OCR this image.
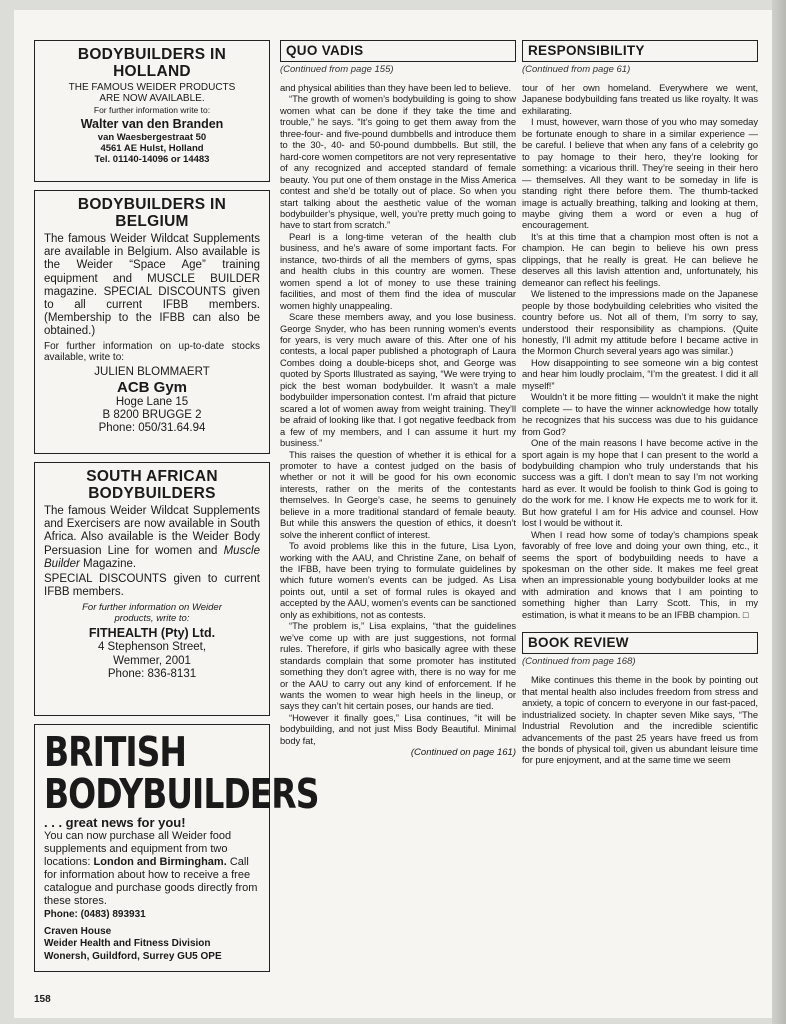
BODYBUILDERS IN HOLLAND
THE FAMOUS WEIDER PRODUCTS
ARE NOW AVAILABLE.
For further information write to:
Walter van den Branden
van Waesbergestraat 50
4561 AE Hulst, Holland
Tel. 01140-14096 or 14483
BODYBUILDERS IN BELGIUM
The famous Weider Wildcat Supplements are available in Belgium. Also available is the Weider “Space Age” training equipment and MUSCLE BUILDER magazine. SPECIAL DISCOUNTS given to all current IFBB members. (Membership to the IFBB can also be obtained.)
For further information on up-to-date stocks available, write to:
JULIEN BLOMMAERT
ACB Gym
Hoge Lane 15
B 8200 BRUGGE 2
Phone: 050/31.64.94
SOUTH AFRICAN BODYBUILDERS
The famous Weider Wildcat Supplements and Exercisers are now available in South Africa. Also available is the Weider Body Persuasion Line for women and Muscle Builder Magazine.
SPECIAL DISCOUNTS given to current IFBB members.
For further information on Weider products, write to:
FITHEALTH (Pty) Ltd.
4 Stephenson Street,
Wemmer, 2001
Phone: 836-8131
BRITISH
BODYBUILDERS
. . . great news for you!
You can now purchase all Weider food supplements and equipment from two locations: London and Birmingham. Call for information about how to receive a free catalogue and purchase goods directly from these stores.
Phone: (0483) 893931
Craven House
Weider Health and Fitness Division
Wonersh, Guildford, Surrey GU5 OPE
QUO VADIS
(Continued from page 155)

and physical abilities than they have been led to believe.

“The growth of women’s bodybuilding is going to show women what can be done if they take the time and trouble,” he says. “It’s going to get them away from the three-four- and five-pound dumbbells and introduce them to the 30-, 40- and 50-pound dumbbells. But still, the hard-core women competitors are not very representative of any recognized and accepted standard of female beauty. You put one of them onstage in the Miss America contest and she’d be totally out of place. So when you start talking about the aesthetic value of the woman bodybuilder’s physique, well, you’re pretty much going to have to start from scratch.”

Pearl is a long-time veteran of the health club business, and he’s aware of some important facts. For instance, two-thirds of all the members of gyms, spas and health clubs in this country are women. These women spend a lot of money to use these training facilities, and most of them find the idea of muscular women highly unappealing.

Scare these members away, and you lose business. George Snyder, who has been running women’s events for years, is very much aware of this. After one of his contests, a local paper published a photograph of Laura Combes doing a double-biceps shot, and George was quoted by Sports Illustrated as saying, “We were trying to pick the best woman bodybuilder. It wasn’t a male bodybuilder impersonation contest. I’m afraid that picture scared a lot of women away from weight training. They’ll be afraid of looking like that. I got negative feedback from a few of my members, and I can assume it hurt my business.”

This raises the question of whether it is ethical for a promoter to have a contest judged on the basis of whether or not it will be good for his own economic interests, rather on the merits of the contestants themselves. In George’s case, he seems to genuinely believe in a more traditional standard of female beauty. But while this answers the question of ethics, it doesn’t solve the inherent conflict of interest.

To avoid problems like this in the future, Lisa Lyon, working with the AAU, and Christine Zane, on behalf of the IFBB, have been trying to formulate guidelines by which future women’s events can be judged. As Lisa points out, until a set of formal rules is okayed and accepted by the AAU, women’s events can be sanctioned only as exhibitions, not as contests.

“The problem is,” Lisa explains, “that the guidelines we’ve come up with are just suggestions, not formal rules. Therefore, if girls who basically agree with these standards complain that some promoter has instituted something they don’t agree with, there is no way for me or the AAU to carry out any kind of enforcement. If he wants the women to wear high heels in the lineup, or says they can’t hit certain poses, our hands are tied.

“However it finally goes,” Lisa continues, “it will be bodybuilding, and not just Miss Body Beautiful. Minimal body fat,

(Continued on page 161)
RESPONSIBILITY
(Continued from page 61)

tour of her own homeland. Everywhere we went, Japanese bodybuilding fans treated us like royalty. It was exhilarating.

I must, however, warn those of you who may someday be fortunate enough to share in a similar experience — be careful. I believe that when any fans of a celebrity go to pay homage to their hero, they’re looking for something: a vicarious thrill. They’re seeing in their hero — themselves. All they want to be someday in life is standing right there before them. The thumb-tacked image is actually breathing, talking and looking at them, maybe giving them a word or even a hug of encouragement.

It’s at this time that a champion most often is not a champion. He can begin to believe his own press clippings, that he really is great. He can believe he deserves all this lavish attention and, unfortunately, his demeanor can reflect his feelings.

We listened to the impressions made on the Japanese people by those bodybuilding celebrities who visited the country before us. Not all of them, I’m sorry to say, understood their responsibility as champions. (Quite honestly, I’ll admit my attitude before I became active in the Mormon Church several years ago was similar.)

How disappointing to see someone win a big contest and hear him loudly proclaim, “I’m the greatest. I did it all myself!”

Wouldn’t it be more fitting — wouldn’t it make the night complete — to have the winner acknowledge how totally he recognizes that his success was due to his guidance from God?

One of the main reasons I have become active in the sport again is my hope that I can present to the world a bodybuilding champion who truly understands that his success was a gift. I don’t mean to say I’m not working hard as ever. It would be foolish to think God is going to do the work for me. I know He expects me to work for it. But how grateful I am for His advice and counsel. How lost I would be without it.

When I read how some of today’s champions speak favorably of free love and doing your own thing, etc., it seems the sport of bodybuilding needs to have a spokesman on the other side. It makes me feel great when an impressionable young bodybuilder looks at me with admiration and knows that I am pointing to something higher than Larry Scott. This, in my estimation, is what it means to be an IFBB champion. □

BOOK REVIEW
(Continued from page 168)

Mike continues this theme in the book by pointing out that mental health also includes freedom from stress and anxiety, a topic of concern to everyone in our fast-paced, industrialized society. In chapter seven Mike says, “The Industrial Revolution and the incredible scientific advancements of the past 25 years have freed us from the bonds of physical toil, given us abundant leisure time for pure enjoyment, and at the same time we seem

158
